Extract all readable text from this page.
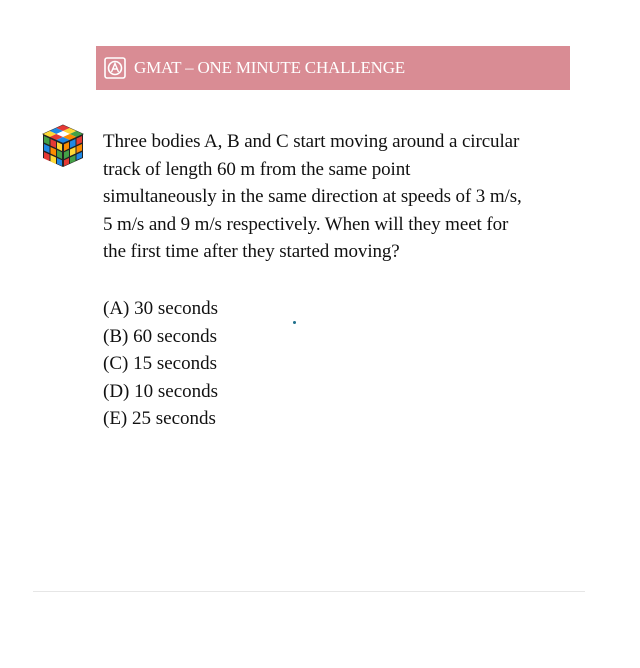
GMAT – ONE MINUTE CHALLENGE

Three bodies A, B and C start moving around a circular
track of length 60 m from the same point
simultaneously in the same direction at speeds of 3 m/s,
5 m/s and 9 m/s respectively. When will they meet for
the first time after they started moving?

(A) 30 seconds
(B) 60 seconds
(C) 15 seconds
(D) 10 seconds
(E) 25 seconds
